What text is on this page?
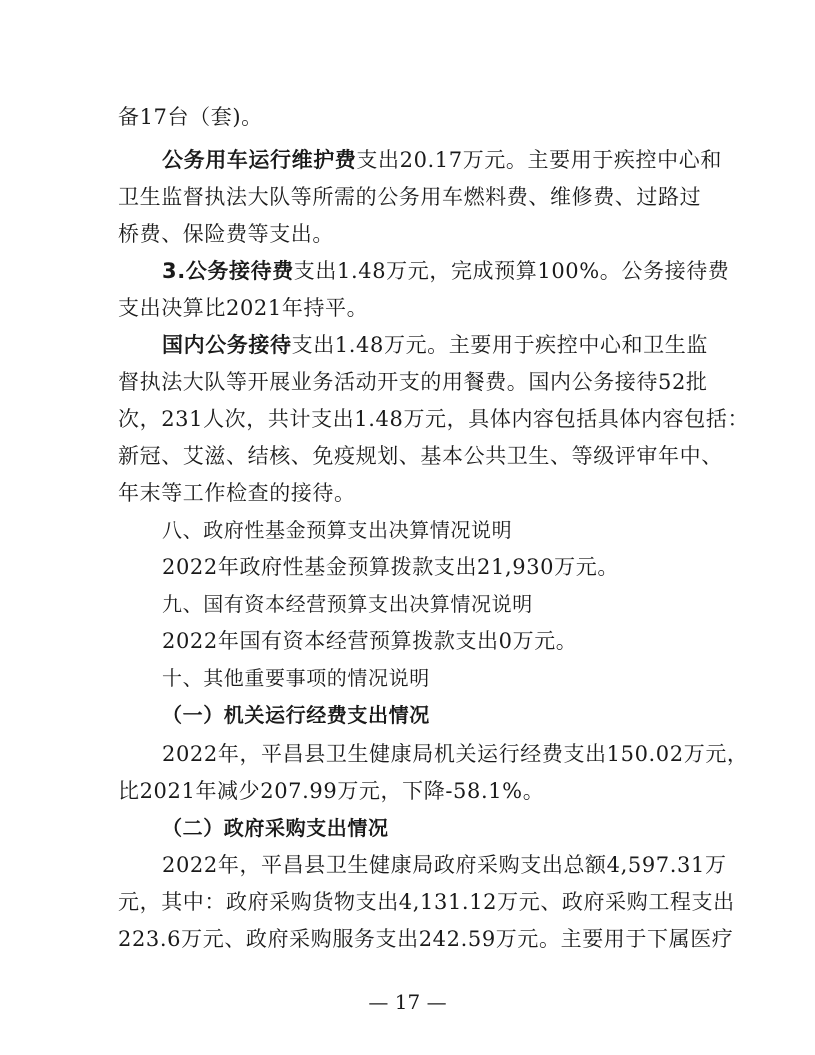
备17台（套)。
公务用车运行维护费支出20.17万元。主要用于疾控中心和
卫生监督执法大队等所需的公务用车燃料费、维修费、过路过
桥费、保险费等支出。
3.公务接待费支出1.48万元，完成预算100%。公务接待费
支出决算比2021年持平。
国内公务接待支出1.48万元。主要用于疾控中心和卫生监
督执法大队等开展业务活动开支的用餐费。国内公务接待52批
次，231人次，共计支出1.48万元，具体内容包括具体内容包括：
新冠、艾滋、结核、免疫规划、基本公共卫生、等级评审年中、
年末等工作检查的接待。
八、政府性基金预算支出决算情况说明
2022年政府性基金预算拨款支出21,930万元。
九、国有资本经营预算支出决算情况说明
2022年国有资本经营预算拨款支出0万元。
十、其他重要事项的情况说明
（一）机关运行经费支出情况
2022年，平昌县卫生健康局机关运行经费支出150.02万元，
比2021年减少207.99万元，下降-58.1%。
（二）政府采购支出情况
2022年，平昌县卫生健康局政府采购支出总额4,597.31万
元，其中：政府采购货物支出4,131.12万元、政府采购工程支出
223.6万元、政府采购服务支出242.59万元。主要用于下属医疗
— 17 —
